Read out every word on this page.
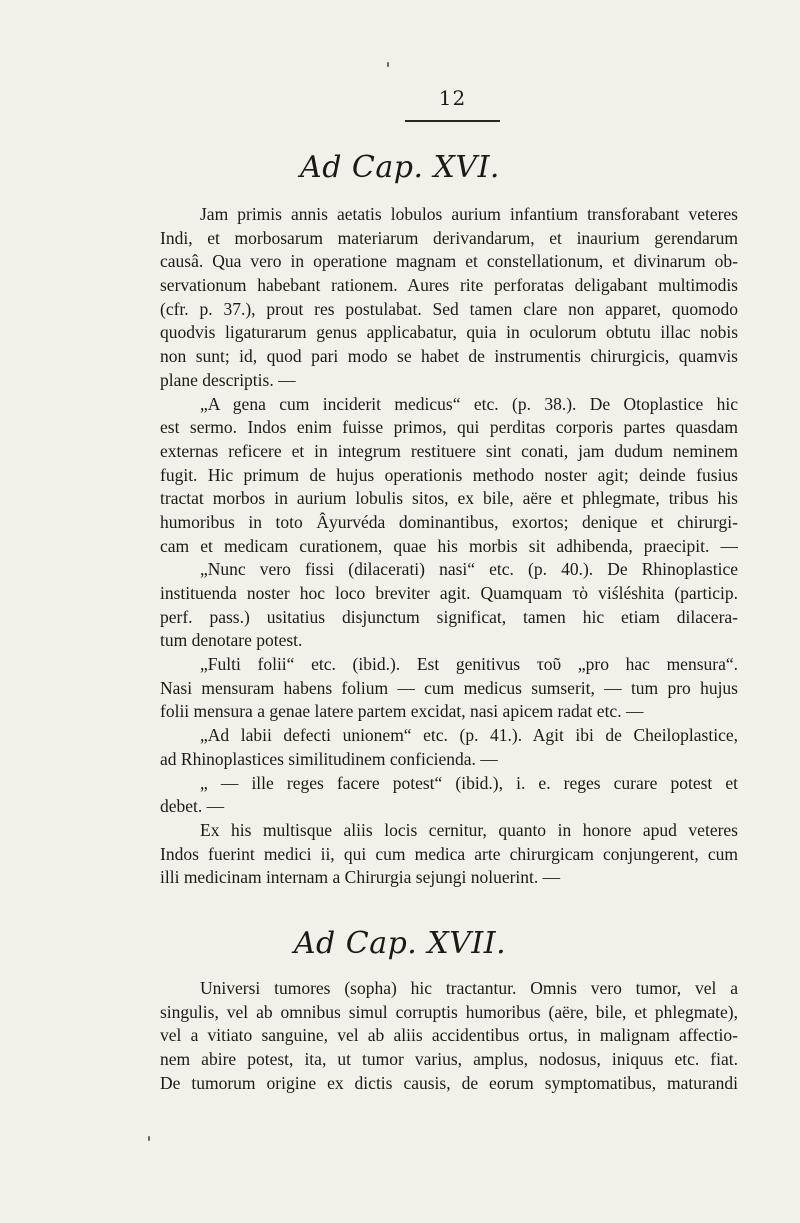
12
Ad Cap. XVI.
Jam primis annis aetatis lobulos aurium infantium transforabant veteres
Indi, et morbosarum materiarum derivandarum, et inaurium gerendarum
causâ. Qua vero in operatione magnam et constellationum, et divinarum ob-
servationum habebant rationem. Aures rite perforatas deligabant multimodis
(cfr. p. 37.), prout res postulabat. Sed tamen clare non apparet, quomodo
quodvis ligaturarum genus applicabatur, quia in oculorum obtutu illac nobis
non sunt; id, quod pari modo se habet de instrumentis chirurgicis, quamvis
plane descriptis. —
„A gena cum inciderit medicus“ etc. (p. 38.). De Otoplastice hic
est sermo. Indos enim fuisse primos, qui perditas corporis partes quasdam
externas reficere et in integrum restituere sint conati, jam dudum neminem
fugit. Hic primum de hujus operationis methodo noster agit; deinde fusius
tractat morbos in aurium lobulis sitos, ex bile, aëre et phlegmate, tribus his
humoribus in toto Âyurvéda dominantibus, exortos; denique et chirurgi-
cam et medicam curationem, quae his morbis sit adhibenda, praecipit. —
„Nunc vero fissi (dilacerati) nasi“ etc. (p. 40.). De Rhinoplastice
instituenda noster hoc loco breviter agit. Quamquam τὸ viśléshita (particip.
perf. pass.) usitatius disjunctum significat, tamen hic etiam dilacera-
tum denotare potest.
„Fulti folii“ etc. (ibid.). Est genitivus τοῦ „pro hac mensura“.
Nasi mensuram habens folium — cum medicus sumserit, — tum pro hujus
folii mensura a genae latere partem excidat, nasi apicem radat etc. —
„Ad labii defecti unionem“ etc. (p. 41.). Agit ibi de Cheiloplastice,
ad Rhinoplastices similitudinem conficienda. —
„ — ille reges facere potest“ (ibid.), i. e. reges curare potest et
debet. —
Ex his multisque aliis locis cernitur, quanto in honore apud veteres
Indos fuerint medici ii, qui cum medica arte chirurgicam conjungerent, cum
illi medicinam internam a Chirurgia sejungi noluerint. —
Ad Cap. XVII.
Universi tumores (sopha) hic tractantur. Omnis vero tumor, vel a
singulis, vel ab omnibus simul corruptis humoribus (aëre, bile, et phlegmate),
vel a vitiato sanguine, vel ab aliis accidentibus ortus, in malignam affectio-
nem abire potest, ita, ut tumor varius, amplus, nodosus, iniquus etc. fiat.
De tumorum origine ex dictis causis, de eorum symptomatibus, maturandi
